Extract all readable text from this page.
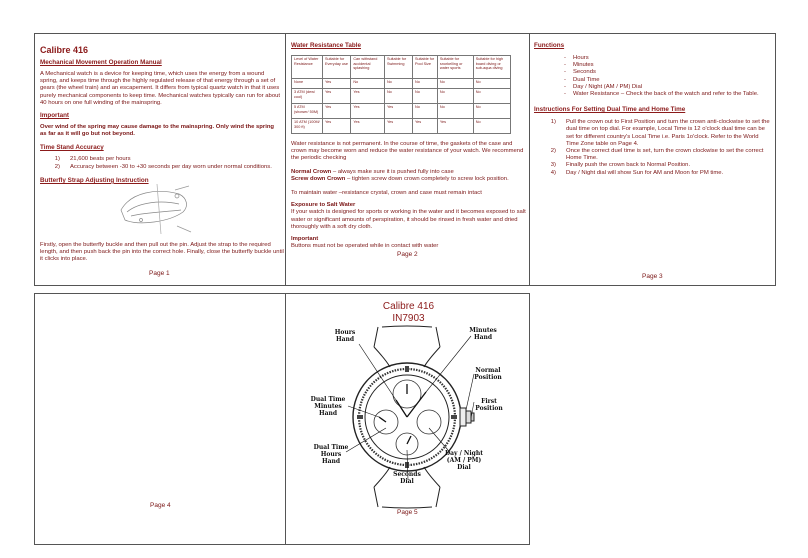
Calibre 416

Mechanical Movement Operation Manual

A Mechanical watch is a device for keeping time, which uses the energy from a wound spring, and keeps time through the highly regulated release of that energy through a set of gears (the wheel train) and an escapement. It differs from typical quartz watch in that it uses purely mechanical components to keep time. Mechanical watches typically can run for about 40 hours on one full winding of the mainspring.

Important

Over wind of the spring may cause damage to the mainspring. Only wind the spring as far as it will go but not beyond.

Time Stand Accuracy

1)	21,600 beats per hours
2)	Accuracy between -30 to +30 seconds per day worn under normal conditions.

Butterfly Strap Adjusting Instruction

Firstly, open the butterfly buckle and then pull out the pin. Adjust the strap to the required length, and then push back the pin into the correct hole. Finally, close the butterfly buckle until it clicks into place.

Page 1

Water Resistance Table

Level of Water Resistance	Suitable for Everyday use	Can withstand accidental splashing	Suitable for Swimming	Suitable for Pool Size	Suitable for snorkelling or water sports	Suitable for high board diving or sub-aqua diving
None	Yes	No	No	No	No	No
3 ATM (dew/ cool)	Yes	Yes	No	No	No	No
5 ATM (shower/ 50M)	Yes	Yes	Yes	No	No	No
10 ATM (100M/ 300 ft)	Yes	Yes	Yes	Yes	Yes	No

Water resistance is not permanent. In the course of time, the gaskets of the case and crown may become worn and reduce the water resistance of your watch. We recommend the periodic checking

Normal Crown – always make sure it is pushed fully into case

Screw down Crown – tighten screw down crown completely to screw lock position.

To maintain water –resistance crystal, crown and case must remain intact

Exposure to Salt Water

If your watch is designed for sports or working in the water and it becomes exposed to salt water or significant amounts of perspiration, it should be rinsed in fresh water and dried thoroughly with a soft dry cloth.

Important

Buttons must not be operated while in contact with water

Page 2

Functions

-	Hours
-	Minutes
-	Seconds
-	Dual Time
-	Day / Night (AM / PM) Dial
-	Water Resistance – Check the back of the watch and refer to the Table.

Instructions For Setting Dual Time and Home Time

1)	Pull the crown out to First Position and turn the crown anti-clockwise to set the dual time on top dial. For example, Local Time is 12 o'clock dual time can be set for different country's Local Time i.e. Paris 1o'clock. Refer to the World Time Zone table on Page 4.
2)	Once the correct duel time is set, turn the crown clockwise to set the correct Home Time.
3)	Finally push the crown back to Normal Position.
4)	Day / Night dial will show Sun for AM and Moon for PM time.
Page 3
Page 4
Calibre 416
IN7903
Hours Hand
Minutes Hand
Normal Position
First Position
Dual Time Minutes Hand
Dual Time Hours Hand
Seconds Dial
Day / Night (AM / PM) Dial
Page 5
